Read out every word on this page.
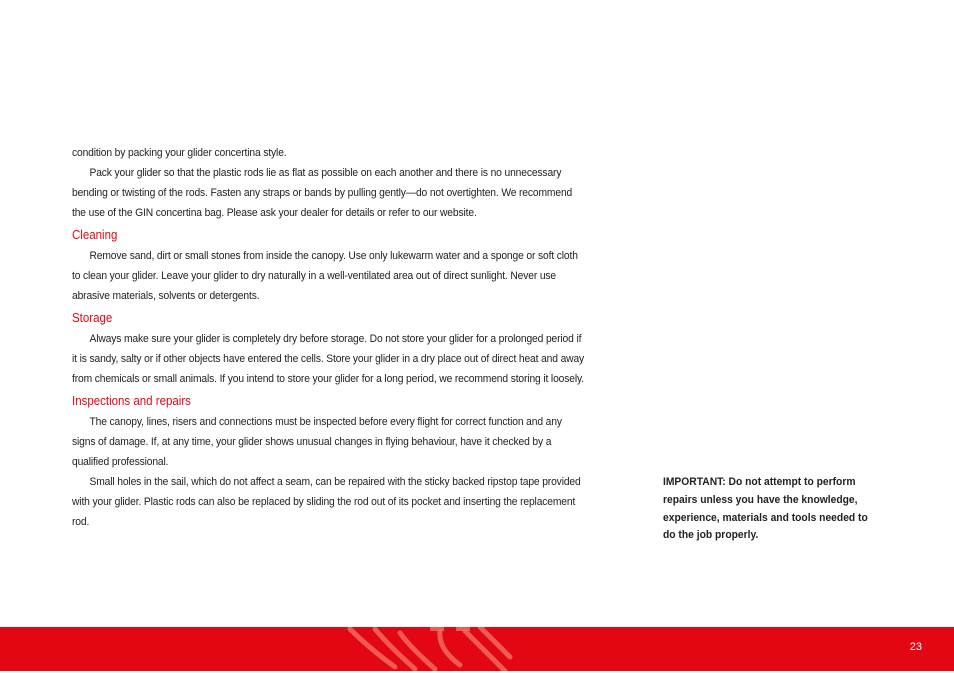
condition by packing your glider concertina style.

Pack your glider so that the plastic rods lie as flat as possible on each another and there is no unnecessary bending or twisting of the rods. Fasten any straps or bands by pulling gently—do not overtighten. We recommend the use of the GIN concertina bag. Please ask your dealer for details or refer to our website.

Cleaning

Remove sand, dirt or small stones from inside the canopy. Use only lukewarm water and a sponge or soft cloth to clean your glider. Leave your glider to dry naturally in a well-ventilated area out of direct sunlight. Never use abrasive materials, solvents or detergents.

Storage

Always make sure your glider is completely dry before storage. Do not store your glider for a prolonged period if it is sandy, salty or if other objects have entered the cells. Store your glider in a dry place out of direct heat and away from chemicals or small animals. If you intend to store your glider for a long period, we recommend storing it loosely.

Inspections and repairs

The canopy, lines, risers and connections must be inspected before every flight for correct function and any signs of damage. If, at any time, your glider shows unusual changes in flying behaviour, have it checked by a qualified professional.

Small holes in the sail, which do not affect a seam, can be repaired with the sticky backed ripstop tape provided with your glider. Plastic rods can also be replaced by sliding the rod out of its pocket and inserting the replacement rod.

IMPORTANT: Do not attempt to perform repairs unless you have the knowledge, experience, materials and tools needed to do the job properly.
23
